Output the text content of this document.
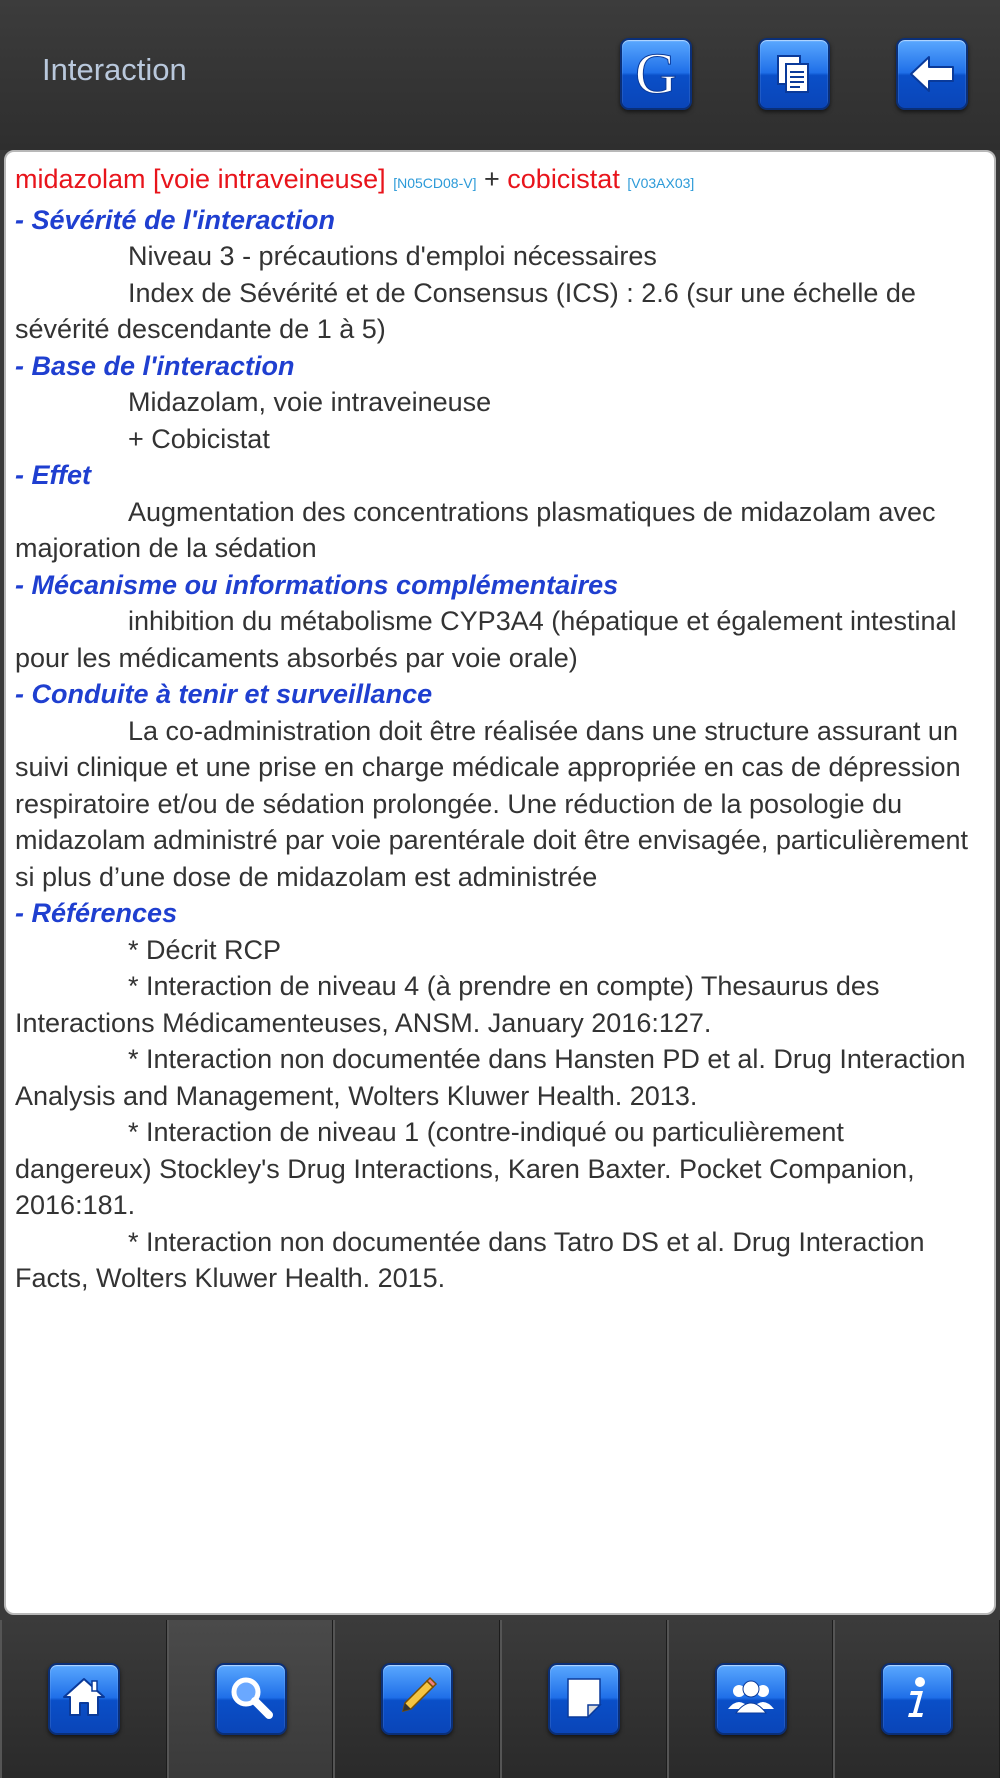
Interaction	G
midazolam [voie intraveineuse] [N05CD08-V] + cobicistat [V03AX03]
- Sévérité de l'interaction
Niveau 3 - précautions d'emploi nécessaires
Index de Sévérité et de Consensus (ICS) : 2.6 (sur une échelle de sévérité descendante de 1 à 5)
- Base de l'interaction
Midazolam, voie intraveineuse
+ Cobicistat
- Effet
Augmentation des concentrations plasmatiques de midazolam avec majoration de la sédation
- Mécanisme ou informations complémentaires
inhibition du métabolisme CYP3A4 (hépatique et également intestinal pour les médicaments absorbés par voie orale)
- Conduite à tenir et surveillance
La co-administration doit être réalisée dans une structure assurant un suivi clinique et une prise en charge médicale appropriée en cas de dépression respiratoire et/ou de sédation prolongée. Une réduction de la posologie du midazolam administré par voie parentérale doit être envisagée, particulièrement si plus d’une dose de midazolam est administrée
- Références
* Décrit RCP
* Interaction de niveau 4 (à prendre en compte) Thesaurus des Interactions Médicamenteuses, ANSM. January 2016:127.
* Interaction non documentée dans Hansten PD et al. Drug Interaction Analysis and Management, Wolters Kluwer Health. 2013.
* Interaction de niveau 1 (contre-indiqué ou particulièrement dangereux) Stockley's Drug Interactions, Karen Baxter. Pocket Companion, 2016:181.
* Interaction non documentée dans Tatro DS et al. Drug Interaction Facts, Wolters Kluwer Health. 2015.
